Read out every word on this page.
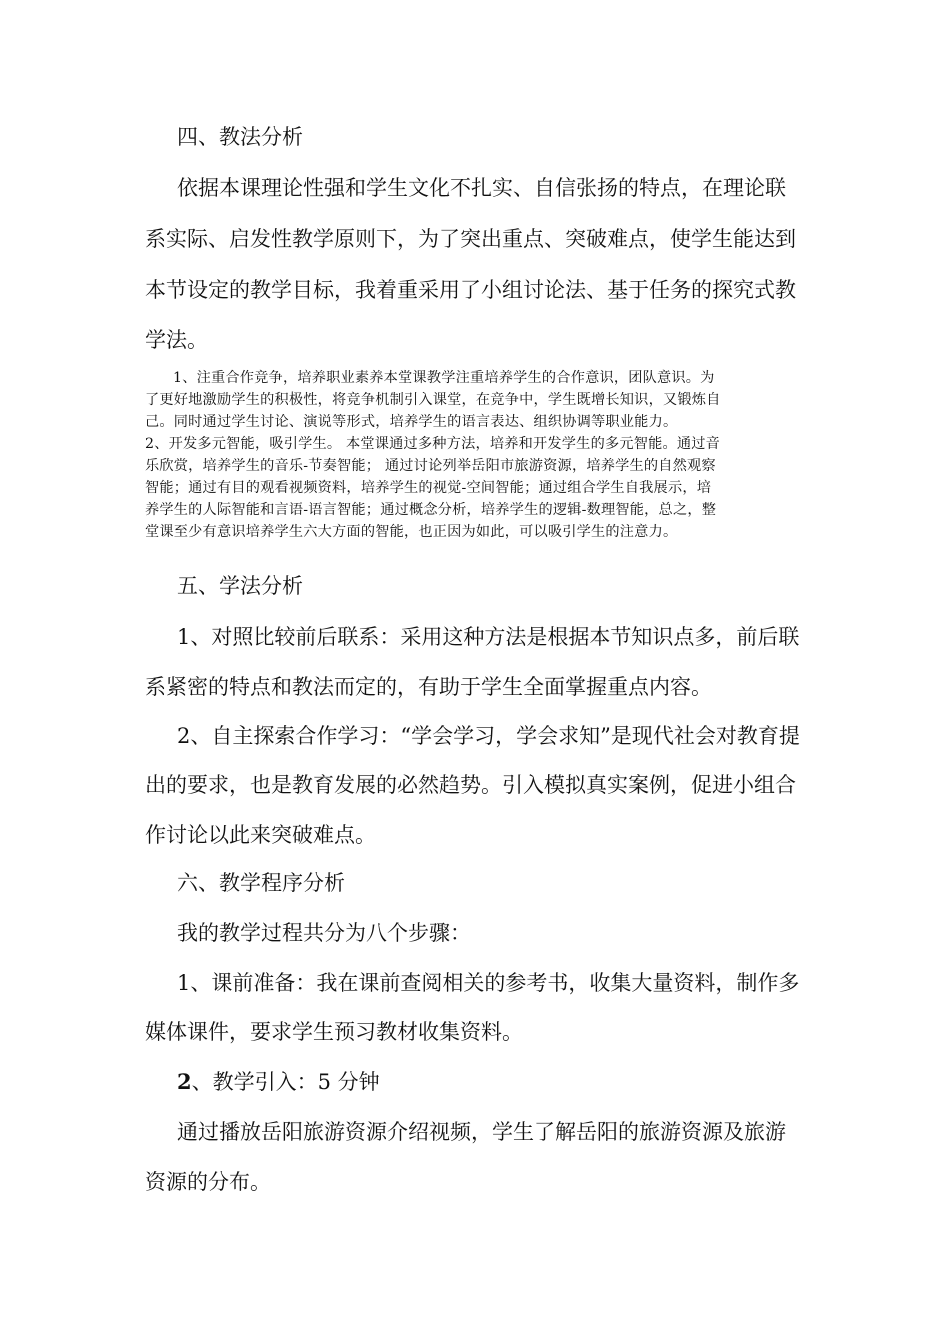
四、教法分析
依据本课理论性强和学生文化不扎实、自信张扬的特点，在理论联
系实际、启发性教学原则下，为了突出重点、突破难点，使学生能达到
本节设定的教学目标，我着重采用了小组讨论法、基于任务的探究式教
学法。
1、注重合作竞争，培养职业素养本堂课教学注重培养学生的合作意识，团队意识。为
了更好地激励学生的积极性，将竞争机制引入课堂，在竞争中，学生既增长知识，又锻炼自
己。同时通过学生讨论、演说等形式，培养学生的语言表达、组织协调等职业能力。
2、开发多元智能，吸引学生。 本堂课通过多种方法，培养和开发学生的多元智能。通过音
乐欣赏，培养学生的音乐-节奏智能； 通过讨论列举岳阳市旅游资源，培养学生的自然观察
智能；通过有目的观看视频资料，培养学生的视觉-空间智能；通过组合学生自我展示，培
养学生的人际智能和言语-语言智能；通过概念分析，培养学生的逻辑-数理智能，总之，整
堂课至少有意识培养学生六大方面的智能，也正因为如此，可以吸引学生的注意力。
五、学法分析
1、对照比较前后联系：采用这种方法是根据本节知识点多，前后联
系紧密的特点和教法而定的，有助于学生全面掌握重点内容。
2、自主探索合作学习：“学会学习，学会求知”是现代社会对教育提
出的要求，也是教育发展的必然趋势。引入模拟真实案例，促进小组合
作讨论以此来突破难点。
六、教学程序分析
我的教学过程共分为八个步骤：
1、课前准备：我在课前查阅相关的参考书，收集大量资料，制作多
媒体课件，要求学生预习教材收集资料。
2、教学引入：5 分钟
通过播放岳阳旅游资源介绍视频，学生了解岳阳的旅游资源及旅游
资源的分布。
